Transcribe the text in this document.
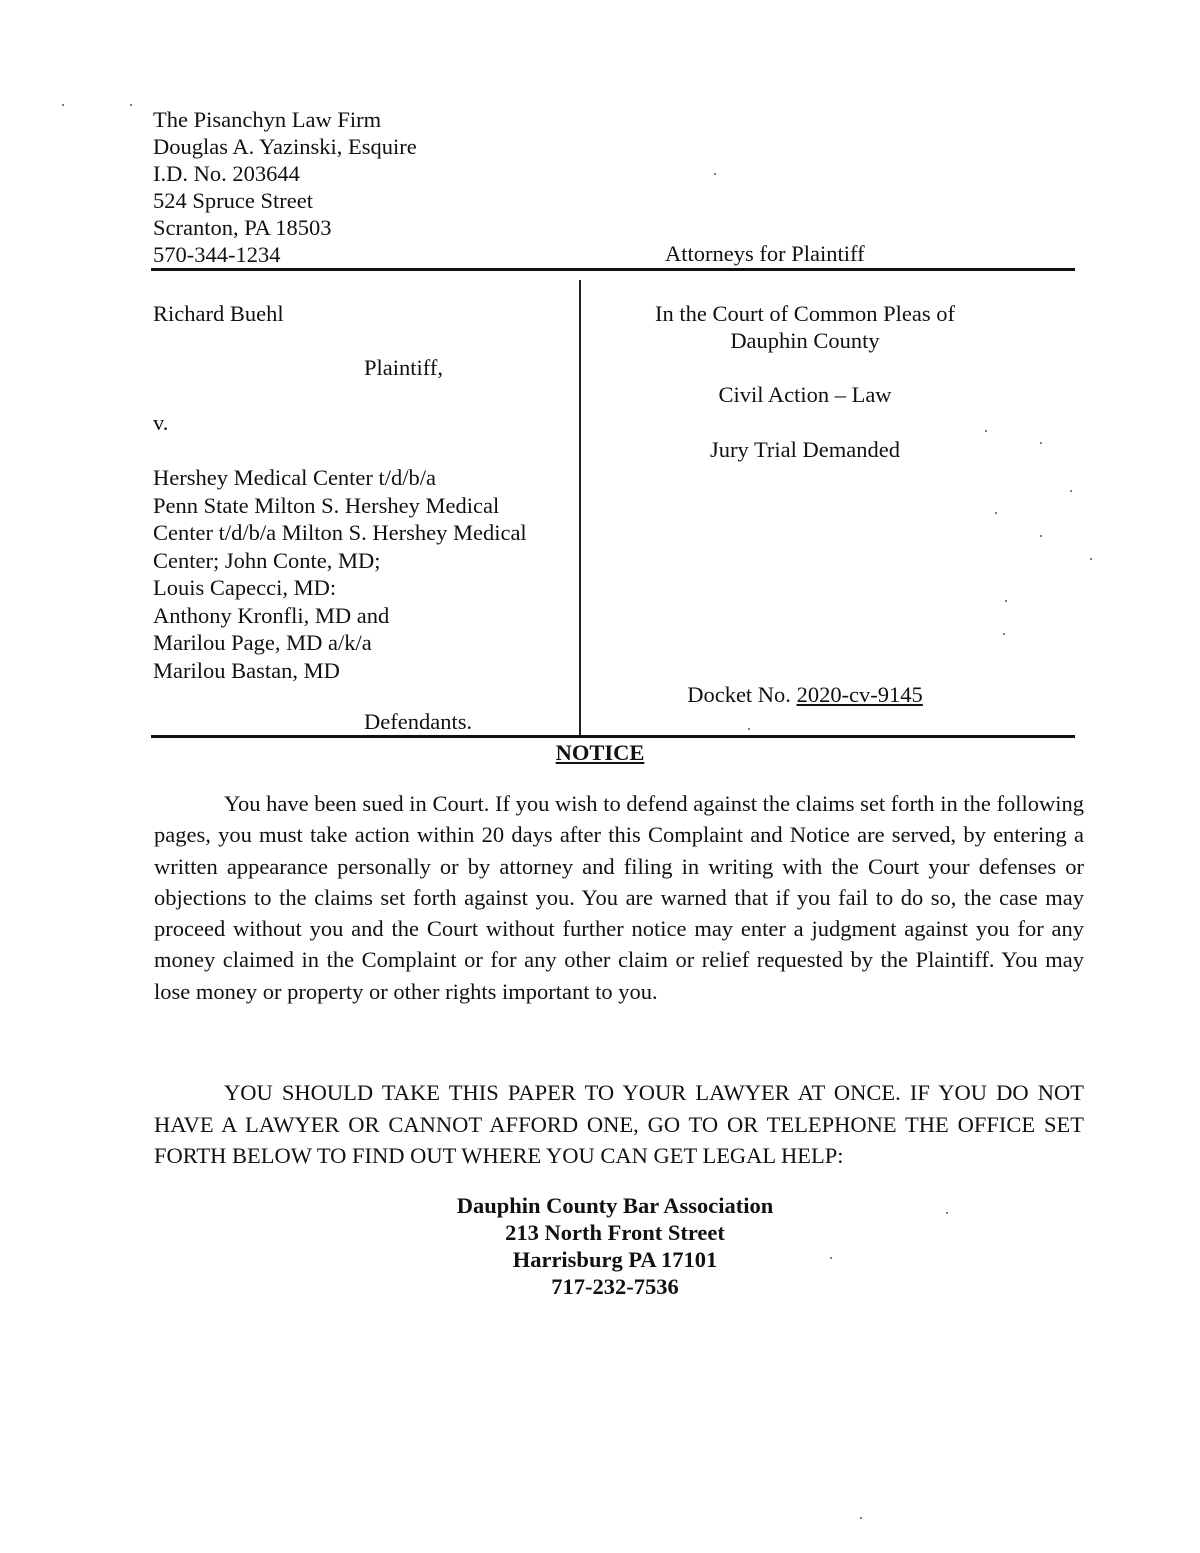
The Pisanchyn Law Firm
Douglas A. Yazinski, Esquire
I.D. No. 203644
524 Spruce Street
Scranton, PA 18503
570-344-1234	Attorneys for Plaintiff
Richard Buehl
Plaintiff,
v.
Hershey Medical Center t/d/b/a
Penn State Milton S. Hershey Medical
Center t/d/b/a Milton S. Hershey Medical
Center; John Conte, MD;
Louis Capecci, MD:
Anthony Kronfli, MD and
Marilou Page, MD a/k/a
Marilou Bastan, MD
Defendants.
In the Court of Common Pleas of
Dauphin County
Civil Action – Law
Jury Trial Demanded
Docket No. 2020-cv-9145
NOTICE

You have been sued in Court. If you wish to defend against the claims set forth in the following pages, you must take action within 20 days after this Complaint and Notice are served, by entering a written appearance personally or by attorney and filing in writing with the Court your defenses or objections to the claims set forth against you. You are warned that if you fail to do so, the case may proceed without you and the Court without further notice may enter a judgment against you for any money claimed in the Complaint or for any other claim or relief requested by the Plaintiff. You may lose money or property or other rights important to you.

YOU SHOULD TAKE THIS PAPER TO YOUR LAWYER AT ONCE. IF YOU DO NOT HAVE A LAWYER OR CANNOT AFFORD ONE, GO TO OR TELEPHONE THE OFFICE SET FORTH BELOW TO FIND OUT WHERE YOU CAN GET LEGAL HELP:

Dauphin County Bar Association
213 North Front Street
Harrisburg PA 17101
717-232-7536
